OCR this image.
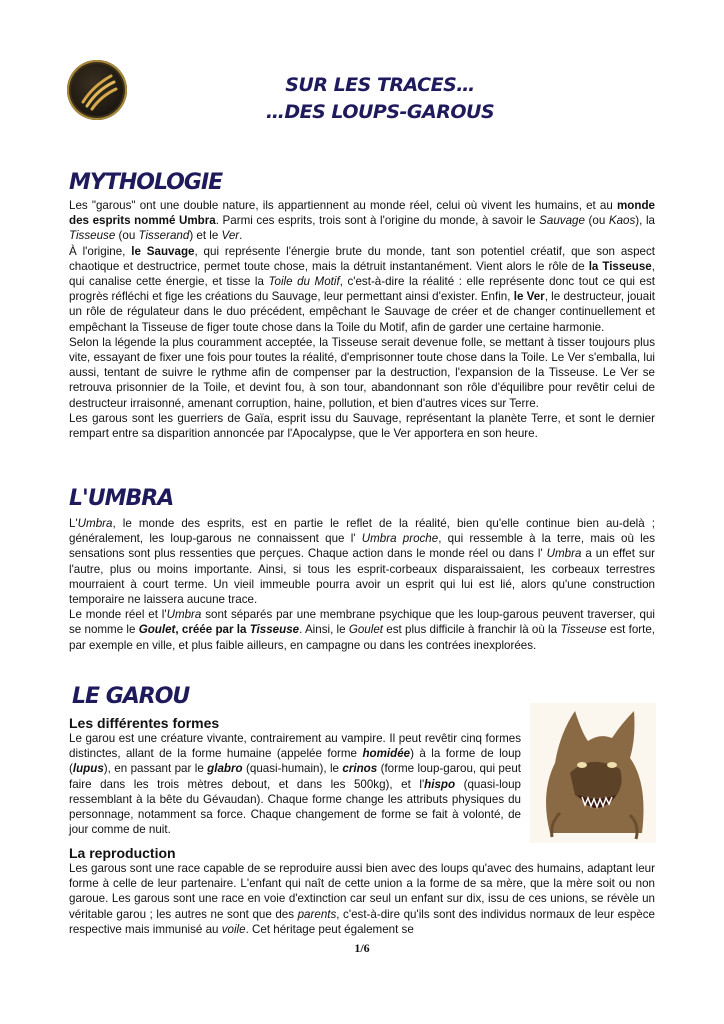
SUR LES TRACES…
…DES LOUPS-GAROUS
MYTHOLOGIE

Les "garous" ont une double nature, ils appartiennent au monde réel, celui où vivent les humains, et au monde des esprits nommé Umbra. Parmi ces esprits, trois sont à l'origine du monde, à savoir le Sauvage (ou Kaos), la Tisseuse (ou Tisserand) et le Ver.
À l'origine, le Sauvage, qui représente l'énergie brute du monde, tant son potentiel créatif, que son aspect chaotique et destructrice, permet toute chose, mais la détruit instantanément. Vient alors le rôle de la Tisseuse, qui canalise cette énergie, et tisse la Toile du Motif, c'est-à-dire la réalité : elle représente donc tout ce qui est progrès réfléchi et fige les créations du Sauvage, leur permettant ainsi d'exister. Enfin, le Ver, le destructeur, jouait un rôle de régulateur dans le duo précédent, empêchant le Sauvage de créer et de changer continuellement et empêchant la Tisseuse de figer toute chose dans la Toile du Motif, afin de garder une certaine harmonie.
Selon la légende la plus couramment acceptée, la Tisseuse serait devenue folle, se mettant à tisser toujours plus vite, essayant de fixer une fois pour toutes la réalité, d'emprisonner toute chose dans la Toile. Le Ver s'emballa, lui aussi, tentant de suivre le rythme afin de compenser par la destruction, l'expansion de la Tisseuse. Le Ver se retrouva prisonnier de la Toile, et devint fou, à son tour, abandonnant son rôle d'équilibre pour revêtir celui de destructeur irraisonné, amenant corruption, haine, pollution, et bien d'autres vices sur Terre.
Les garous sont les guerriers de Gaïa, esprit issu du Sauvage, représentant la planète Terre, et sont le dernier rempart entre sa disparition annoncée par l'Apocalypse, que le Ver apportera en son heure.

L'UMBRA

L'Umbra, le monde des esprits, est en partie le reflet de la réalité, bien qu'elle continue bien au-delà ; généralement, les loup-garous ne connaissent que l' Umbra proche, qui ressemble à la terre, mais où les sensations sont plus ressenties que perçues. Chaque action dans le monde réel ou dans l' Umbra a un effet sur l'autre, plus ou moins importante. Ainsi, si tous les esprit-corbeaux disparaissaient, les corbeaux terrestres mourraient à court terme. Un vieil immeuble pourra avoir un esprit qui lui est lié, alors qu'une construction temporaire ne laissera aucune trace.
Le monde réel et l'Umbra sont séparés par une membrane psychique que les loup-garous peuvent traverser, qui se nomme le Goulet, créée par la Tisseuse. Ainsi, le Goulet est plus difficile à franchir là où la Tisseuse est forte, par exemple en ville, et plus faible ailleurs, en campagne ou dans les contrées inexplorées.

LE GAROU
Les différentes formes

Le garou est une créature vivante, contrairement au vampire. Il peut revêtir cinq formes distinctes, allant de la forme humaine (appelée forme homidée) à la forme de loup (lupus), en passant par le glabro (quasi-humain), le crinos (forme loup-garou, qui peut faire dans les trois mètres debout, et dans les 500kg), et l'hispo (quasi-loup ressemblant à la bête du Gévaudan). Chaque forme change les attributs physiques du personnage, notamment sa force. Chaque changement de forme se fait à volonté, de jour comme de nuit.

La reproduction

Les garous sont une race capable de se reproduire aussi bien avec des loups qu'avec des humains, adaptant leur forme à celle de leur partenaire. L'enfant qui naît de cette union a la forme de sa mère, que la mère soit ou non garoue. Les garous sont une race en voie d'extinction car seul un enfant sur dix, issu de ces unions, se révèle un véritable garou ; les autres ne sont que des parents, c'est-à-dire qu'ils sont des individus normaux de leur espèce respective mais immunisé au voile. Cet héritage peut également se

1/6
